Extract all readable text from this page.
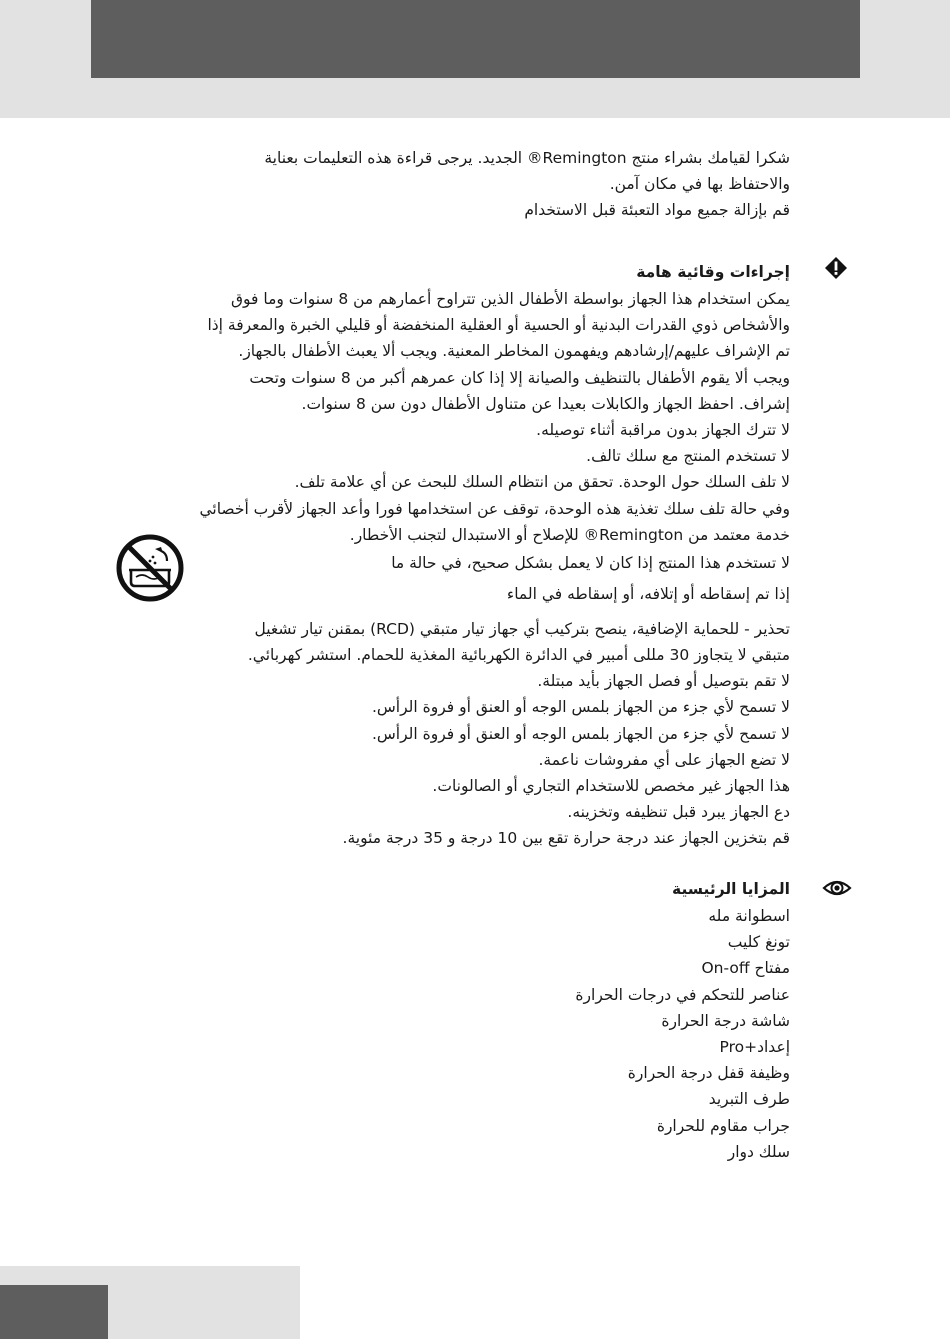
شكرا لقيامك بشراء منتج Remington® الجديد. يرجى قراءة هذه التعليمات بعناية
والاحتفاظ بها في مكان آمن.
قم بإزالة جميع مواد التعبئة قبل الاستخدام
إجراءات وقائية هامة
يمكن استخدام هذا الجهاز بواسطة الأطفال الذين تتراوح أعمارهم من 8 سنوات وما فوق
والأشخاص ذوي القدرات البدنية أو الحسية أو العقلية المنخفضة أو قليلي الخبرة والمعرفة إذا
تم الإشراف عليهم/إرشادهم ويفهمون المخاطر المعنية. ويجب ألا يعبث الأطفال بالجهاز.
ويجب ألا يقوم الأطفال بالتنظيف والصيانة إلا إذا كان عمرهم أكبر من 8 سنوات وتحت
إشراف. احفظ الجهاز والكابلات بعيدا عن متناول الأطفال دون سن 8 سنوات.
لا تترك الجهاز بدون مراقبة أثناء توصيله.
لا تستخدم المنتج مع سلك تالف.
لا تلف السلك حول الوحدة. تحقق من انتظام السلك للبحث عن أي علامة تلف.
وفي حالة تلف سلك تغذية هذه الوحدة، توقف عن استخدامها فورا وأعد الجهاز لأقرب أخصائي
خدمة معتمد من Remington® للإصلاح أو الاستبدال لتجنب الأخطار.
لا تستخدم هذا المنتج إذا كان لا يعمل بشكل صحيح، في حالة ما
إذا تم إسقاطه أو إتلافه، أو إسقاطه في الماء
تحذير - للحماية الإضافية، ينصح بتركيب أي جهاز تيار متبقي (RCD) بمقنن تيار تشغيل
متبقي لا يتجاوز 30 مللى أمبير في الدائرة الكهربائية المغذية للحمام. استشر كهربائي.
لا تقم بتوصيل أو فصل الجهاز بأيد مبتلة.
لا تسمح لأي جزء من الجهاز بلمس الوجه أو العنق أو فروة الرأس.
لا تسمح لأي جزء من الجهاز بلمس الوجه أو العنق أو فروة الرأس.
لا تضع الجهاز على أي مفروشات ناعمة.
هذا الجهاز غير مخصص للاستخدام التجاري أو الصالونات.
دع الجهاز يبرد قبل تنظيفه وتخزينه.
قم بتخزين الجهاز عند درجة حرارة تقع بين 10 درجة و 35 درجة مئوية.
المزايا الرئيسية
اسطوانة مله
تونغ كليب
مفتاح On-off
عناصر للتحكم في درجات الحرارة
شاشة درجة الحرارة
إعداد+Pro
وظيفة قفل درجة الحرارة
طرف التبريد
جراب مقاوم للحرارة
سلك دوار
